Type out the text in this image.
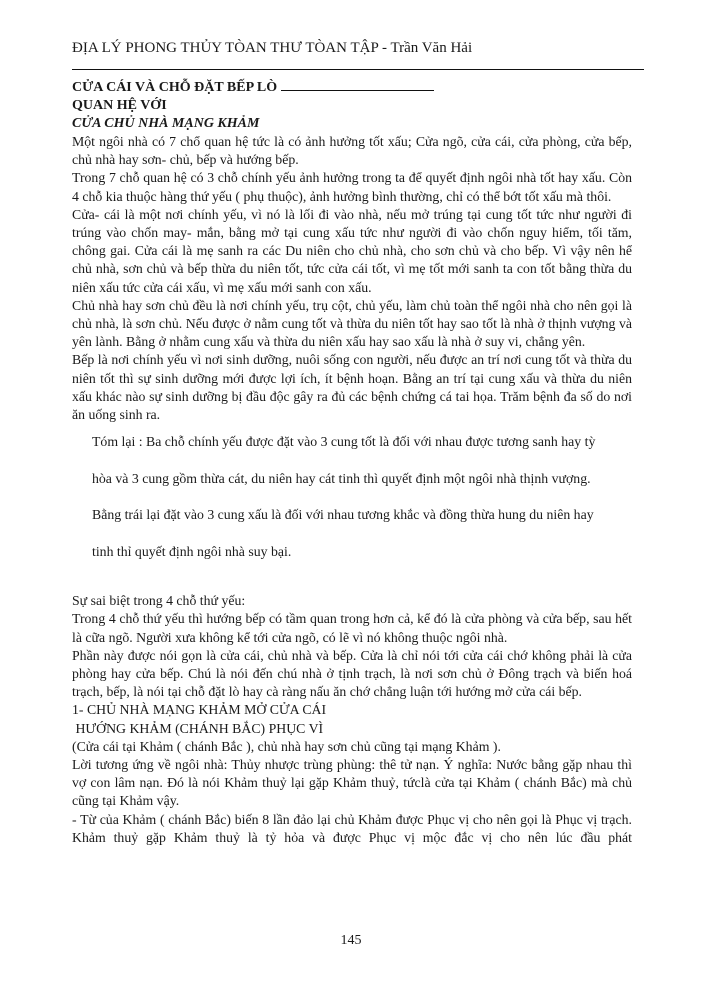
ĐỊA LÝ PHONG THỦY TÒAN THƯ TÒAN TẬP - Trần Văn Hải
CỬA CÁI VÀ CHỖ ĐẶT BẾP LÒ
QUAN HỆ VỚI
CỬA CHỦ NHÀ MẠNG KHẢM

Một ngôi nhà có 7 chổ quan hệ tức là có ảnh hưởng tốt xấu; Cửa ngõ, cửa cái, cửa phòng, cửa bếp, chủ nhà hay sơn- chủ, bếp và hướng bếp.

Trong 7 chỗ quan hệ có 3 chỗ chính yếu ảnh hưởng trong ta để quyết định ngôi nhà tốt hay xấu. Còn 4 chỗ kia thuộc hàng thứ yếu ( phụ thuộc), ảnh hưởng bình thường, chỉ có thể bớt tốt xấu mà thôi.

Cửa- cái là một nơi chính yếu, vì nó là lối đi vào nhà, nếu mở trúng tại cung tốt tức như người đi trúng vào chốn may- mắn, bằng mở tại cung xấu tức như người đi vào chốn nguy hiểm, tối tăm, chông gai. Cửa cái là mẹ sanh ra các Du niên cho chủ nhà, cho sơn chủ và cho bếp. Vì vậy nên hể chủ nhà, sơn chủ và bếp thừa du niên tốt, tức cửa cái tốt, vì mẹ tốt mới sanh ta con tốt bằng thừa du niên xấu tức cửa cái xấu, vì mẹ xấu mới sanh con xấu.

Chủ nhà hay sơn chủ đều là nơi chính yếu, trụ cột, chủ yếu, làm chủ toàn thể ngôi nhà cho nên gọi là chủ nhà, là sơn chủ. Nếu được ở nằm cung tốt và thừa du niên tốt hay sao tốt là nhà ở thịnh vượng và yên lành. Bằng ở nhằm cung xấu và thừa du niên xấu hay sao xấu là nhà ở suy vi, chẳng yên.

Bếp là nơi chính yếu vì nơi sinh dưỡng, nuôi sống con người, nếu được an trí nơi cung tốt và thừa du niên tốt thì sự sinh dưỡng mới được lợi ích, ít bệnh hoạn. Bằng an trí tại cung xấu và thừa du niên xấu khác nào sự sinh dưỡng bị đầu độc gây ra đủ các bệnh chứng cá tai họa. Trăm bệnh đa số do nơi ăn uống sinh ra.

Tóm lại : Ba chỗ chính yếu được đặt vào 3 cung tốt là đối với nhau được tương sanh hay tỳ

hòa và 3 cung gồm thừa cát, du niên hay cát tinh thì quyết định một ngôi nhà thịnh vượng.

Bằng trái lại đặt vào 3 cung xấu là đối với nhau tương khắc và đồng thừa hung du niên hay

tinh thỉ quyết định ngôi nhà suy bại.

Sự sai biệt trong 4 chỗ thứ yếu:

Trong 4 chỗ thứ yếu thì hướng bếp có tầm quan trong hơn cả, kể đó là cửa phòng và cửa bếp, sau hết là cữa ngõ. Người xưa không kể tới cửa ngõ, có lẽ vì nó không thuộc ngôi nhà.

Phần này được nói gọn là cửa cái, chủ nhà và bếp. Cửa là chỉ nói tới cửa cái chớ không phải là cửa phòng hay cửa bếp. Chú là nói đến chú nhà ở tịnh trạch, là nơi sơn chủ ở Đông trạch và biến hoá trạch, bếp, là nói tại chỗ đặt lò hay cà ràng nấu ăn chớ chẳng luận tới hướng mở cửa cái bếp.

1- CHỦ NHÀ MẠNG KHẢM MỞ CỬA CÁI
HƯỚNG KHẢM (CHÁNH BẮC) PHỤC VÌ

(Cửa cái tại Khảm ( chánh Bắc ), chủ nhà hay sơn chủ cũng tại mạng Khảm ).

Lời tương ứng về ngôi nhà: Thủy nhược trùng phùng: thê tử nạn. Ý nghĩa: Nước bằng gặp nhau thì vợ con lâm nạn. Đó là nói Khảm thuỷ lại gặp Khảm thuỷ, tứclà cửa tại Khảm ( chánh Bắc) mà chủ cũng tại Khảm vậy.

- Từ của Khảm ( chánh Bắc) biến 8 lần đảo lại chủ Khảm được Phục vị cho nên gọi là Phục vị trạch. Khảm thuỷ gặp Khảm thuỷ là tỷ hỏa và được Phục vị mộc đắc vị cho nên lúc đầu phát

145
